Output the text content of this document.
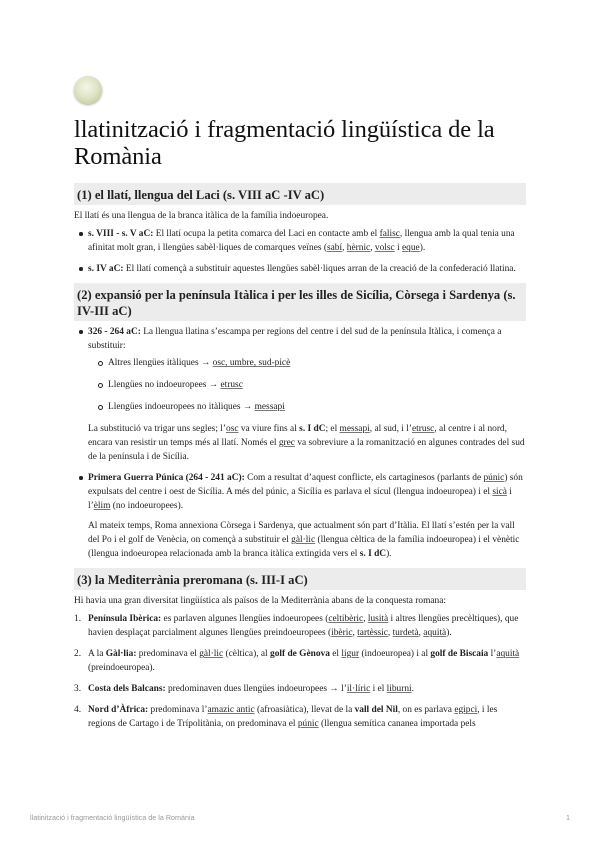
llatinització i fragmentació lingüística de la Romània
(1) el llatí, llengua del Laci (s. VIII aC -IV aC)

El llatí és una llengua de la branca itàlica de la família indoeuropea.

s. VIII - s. V aC: El llatí ocupa la petita comarca del Laci en contacte amb el falisc, llengua amb la qual tenia una afinitat molt gran, i llengües sabèl·liques de comarques veïnes (sabí, hèrnic, volsc i eque).
s. IV aC: El llatí començà a substituir aquestes llengües sabèl·liques arran de la creació de la confederació llatina.
(2) expansió per la península Itàlica i per les illes de Sicília, Còrsega i Sardenya (s. IV-III aC)
326 - 264 aC: La llengua llatina s’escampa per regions del centre i del sud de la península Itàlica, i comença a substituir:
Altres llengües itàliques → osc, umbre, sud-picè
Llengües no indoeuropees → etrusc
Llengües indoeuropees no itàliques → messapi

La substitució va trigar uns segles; l’osc va viure fins al s. I dC; el messapi, al sud, i l’etrusc, al centre i al nord, encara van resistir un temps més al llatí. Només el grec va sobreviure a la romanització en algunes contrades del sud de la península i de Sicília.

Primera Guerra Púnica (264 - 241 aC): Com a resultat d’aquest conflicte, els cartaginesos (parlants de púnic) són expulsats del centre i oest de Sicília. A més del púnic, a Sicília es parlava el sícul (llengua indoeuropea) i el sicà i l’èlim (no indoeuropees).

Al mateix temps, Roma annexiona Còrsega i Sardenya, que actualment són part d’Itàlia. El llatí s’estén per la vall del Po i el golf de Venècia, on començà a substituir el gàl·lic (llengua cèltica de la família indoeuropea) i el vènètic (llengua indoeuropea relacionada amb la branca itàlica extingida vers el s. I dC).

(3) la Mediterrània preromana (s. III-I aC)

Hi havia una gran diversitat lingüística als països de la Mediterrània abans de la conquesta romana:

1. Península Ibèrica: es parlaven algunes llengües indoeuropees (celtibèric, lusità i altres llengües precèltiques), que havien desplaçat parcialment algunes llengües preindoeuropees (ibèric, tartèssic, turdetà, aquità).
2. A la Gàl·lia: predominava el gàl·lic (cèltica), al golf de Gènova el lígur (indoeuropea) i al golf de Biscaia l’aquità (preindoeuropea).
3. Costa dels Balcans: predominaven dues llengües indoeuropees → l’il·líric i el liburni.
4. Nord d’Àfrica: predominava l’amazic antic (afroasiàtica), llevat de la vall del Nil, on es parlava egipci, i les regions de Cartago i de Trípolitània, on predominava el púnic (llengua semítica cananea importada pels
llatinització i fragmentació lingüística de la Romània	1
